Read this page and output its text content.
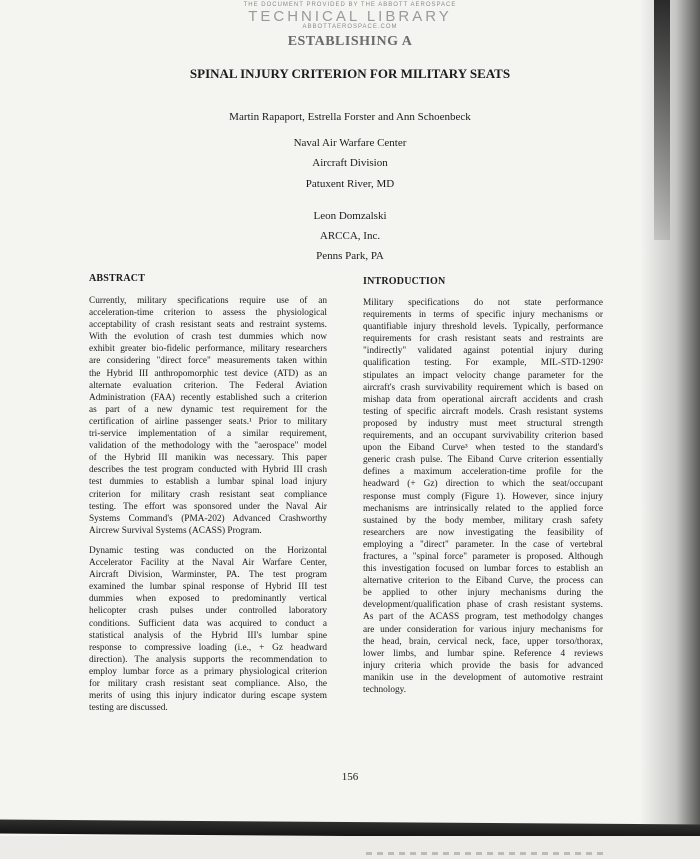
THE DOCUMENT PROVIDED BY THE ABBOTT AEROSPACE
TECHNICAL LIBRARY
ABBOTTAEROSPACE.COM
ESTABLISHING A
SPINAL INJURY CRITERION FOR MILITARY SEATS
Martin Rapaport, Estrella Forster and Ann Schoenbeck
Naval Air Warfare Center
Aircraft Division
Patuxent River, MD
Leon Domzalski
ARCCA, Inc.
Penns Park, PA
ABSTRACT	INTRODUCTION
Currently, military specifications require use of an
acceleration-time criterion to assess the physiological
acceptability of crash resistant seats and restraint systems.
With the evolution of crash test dummies which now
exhibit greater bio-fidelic performance, military researchers
are considering "direct force" measurements taken within
the Hybrid III anthropomorphic test device (ATD) as an
alternate evaluation criterion. The Federal Aviation
Administration (FAA) recently established such a criterion
as part of a new dynamic test requirement for the
certification of airline passenger seats.¹ Prior to military
tri-service implementation of a similar requirement,
validation of the methodology with the "aerospace" model
of the Hybrid III manikin was necessary. This paper
describes the test program conducted with Hybrid III crash
test dummies to establish a lumbar spinal load injury
criterion for military crash resistant seat compliance
testing. The effort was sponsored under the Naval Air
Systems Command's (PMA-202) Advanced Crashworthy
Aircrew Survival Systems (ACASS) Program.
Dynamic testing was conducted on the Horizontal
Accelerator Facility at the Naval Air Warfare Center,
Aircraft Division, Warminster, PA. The test program
examined the lumbar spinal response of Hybrid III test
dummies when exposed to predominantly vertical
helicopter crash pulses under controlled laboratory
conditions. Sufficient data was acquired to conduct a
statistical analysis of the Hybrid III's lumbar spine
response to compressive loading (i.e., + Gz headward
direction). The analysis supports the recommendation to
employ lumbar force as a primary physiological criterion
for military crash resistant seat compliance. Also, the
merits of using this injury indicator during escape system
testing are discussed.
Military specifications do not state performance
requirements in terms of specific injury mechanisms or
quantifiable injury threshold levels. Typically, performance
requirements for crash resistant seats and restraints are
"indirectly" validated against potential injury during
qualification testing. For example, MIL-STD-1290²
stipulates an impact velocity change parameter for the
aircraft's crash survivability requirement which is based on
mishap data from operational aircraft accidents and crash
testing of specific aircraft models. Crash resistant systems
proposed by industry must meet structural strength
requirements, and an occupant survivability criterion based
upon the Eiband Curve³ when tested to the standard's
generic crash pulse. The Eiband Curve criterion essentially
defines a maximum acceleration-time profile for the
headward (+ Gz) direction to which the seat/occupant
response must comply (Figure 1). However, since injury
mechanisms are intrinsically related to the applied force
sustained by the body member, military crash safety
researchers are now investigating the feasibility of
employing a "direct" parameter. In the case of vertebral
fractures, a "spinal force" parameter is proposed. Although
this investigation focused on lumbar forces to establish an
alternative criterion to the Eiband Curve, the process can
be applied to other injury mechanisms during the
development/qualification phase of crash resistant systems.
As part of the ACASS program, test methodolgy changes
are under consideration for various injury mechanisms for
the head, brain, cervical neck, face, upper torso/thorax,
lower limbs, and lumbar spine. Reference 4 reviews
injury criteria which provide the basis for advanced
manikin use in the development of automotive restraint
technology.
156
